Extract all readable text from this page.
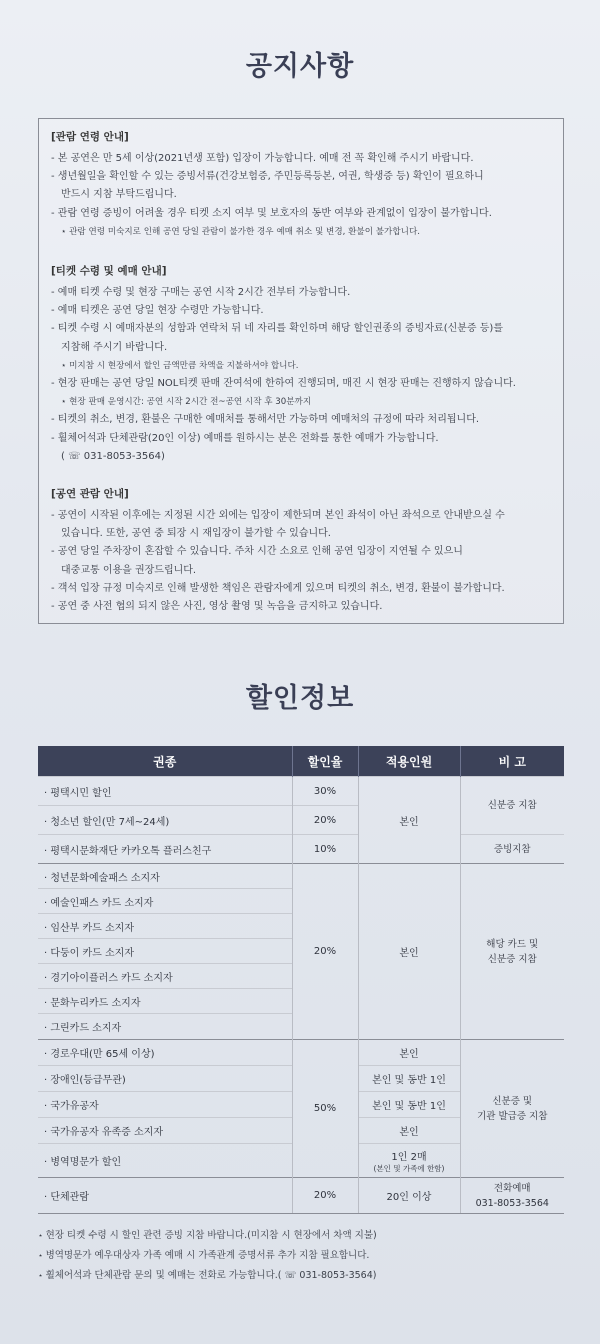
공지사항
[관람 연령 안내]
- 본 공연은 만 5세 이상(2021년생 포함) 입장이 가능합니다. 예매 전 꼭 확인해 주시기 바랍니다.
- 생년월일을 확인할 수 있는 증빙서류(건강보험증, 주민등록등본, 여권, 학생증 등) 확인이 필요하니
반드시 지참 부탁드립니다.
- 관람 연령 증빙이 어려울 경우 티켓 소지 여부 및 보호자의 동반 여부와 관계없이 입장이 불가합니다.
⋆ 관람 연령 미숙지로 인해 공연 당일 관람이 불가한 경우 예매 취소 및 변경, 환불이 불가합니다.
[티켓 수령 및 예매 안내]
- 예매 티켓 수령 및 현장 구매는 공연 시작 2시간 전부터 가능합니다.
- 예매 티켓은 공연 당일 현장 수령만 가능합니다.
- 티켓 수령 시 예매자분의 성함과 연락처 뒤 네 자리를 확인하며 해당 할인권종의 증빙자료(신분증 등)를
지참해 주시기 바랍니다.
⋆ 미지참 시 현장에서 할인 금액만큼 차액을 지불하셔야 합니다.
- 현장 판매는 공연 당일 NOL티켓 판매 잔여석에 한하여 진행되며, 매진 시 현장 판매는 진행하지 않습니다.
⋆ 현장 판매 운영시간: 공연 시작 2시간 전~공연 시작 후 30분까지
- 티켓의 취소, 변경, 환불은 구매한 예매처를 통해서만 가능하며 예매처의 규정에 따라 처리됩니다.
- 휠체어석과 단체관람(20인 이상) 예매를 원하시는 분은 전화를 통한 예매가 가능합니다.
( ☏ 031-8053-3564)
[공연 관람 안내]
- 공연이 시작된 이후에는 지정된 시간 외에는 입장이 제한되며 본인 좌석이 아닌 좌석으로 안내받으실 수
있습니다. 또한, 공연 중 퇴장 시 재입장이 불가할 수 있습니다.
- 공연 당일 주차장이 혼잡할 수 있습니다. 주차 시간 소요로 인해 공연 입장이 지연될 수 있으니
대중교통 이용을 권장드립니다.
- 객석 입장 규정 미숙지로 인해 발생한 책임은 관람자에게 있으며 티켓의 취소, 변경, 환불이 불가합니다.
- 공연 중 사전 협의 되지 않은 사진, 영상 촬영 및 녹음을 금지하고 있습니다.
할인정보
권종	할인율	적용인원	비 고
· 평택시민 할인	30%	본인	신분증 지참
· 청소년 할인(만 7세~24세)	20%		
· 평택시문화재단 카카오톡 플러스친구	10%		증빙지참
· 청년문화예술패스 소지자	20%	본인	해당 카드 및
신분증 지참
· 예술인패스 카드 소지자			
· 임산부 카드 소지자			
· 다둥이 카드 소지자			
· 경기아이플러스 카드 소지자			
· 문화누리카드 소지자			
· 그린카드 소지자			
· 경로우대(만 65세 이상)	50%	본인	신분증 및
기관 발급증 지참
· 장애인(등급무관)		본인 및 동반 1인	
· 국가유공자		본인 및 동반 1인	
· 국가유공자 유족증 소지자		본인	
· 병역명문가 할인		1인 2매
(본인 및 가족에 한함)	

· 단체관람	20%	20인 이상	전화예매
031-8053-3564
⋆ 현장 티켓 수령 시 할인 관련 증빙 지참 바랍니다.(미지참 시 현장에서 차액 지불)
⋆ 병역명문가 예우대상자 가족 예매 시 가족관계 증명서류 추가 지참 필요합니다.
⋆ 휠체어석과 단체관람 문의 및 예매는 전화로 가능합니다.( ☏ 031-8053-3564)
